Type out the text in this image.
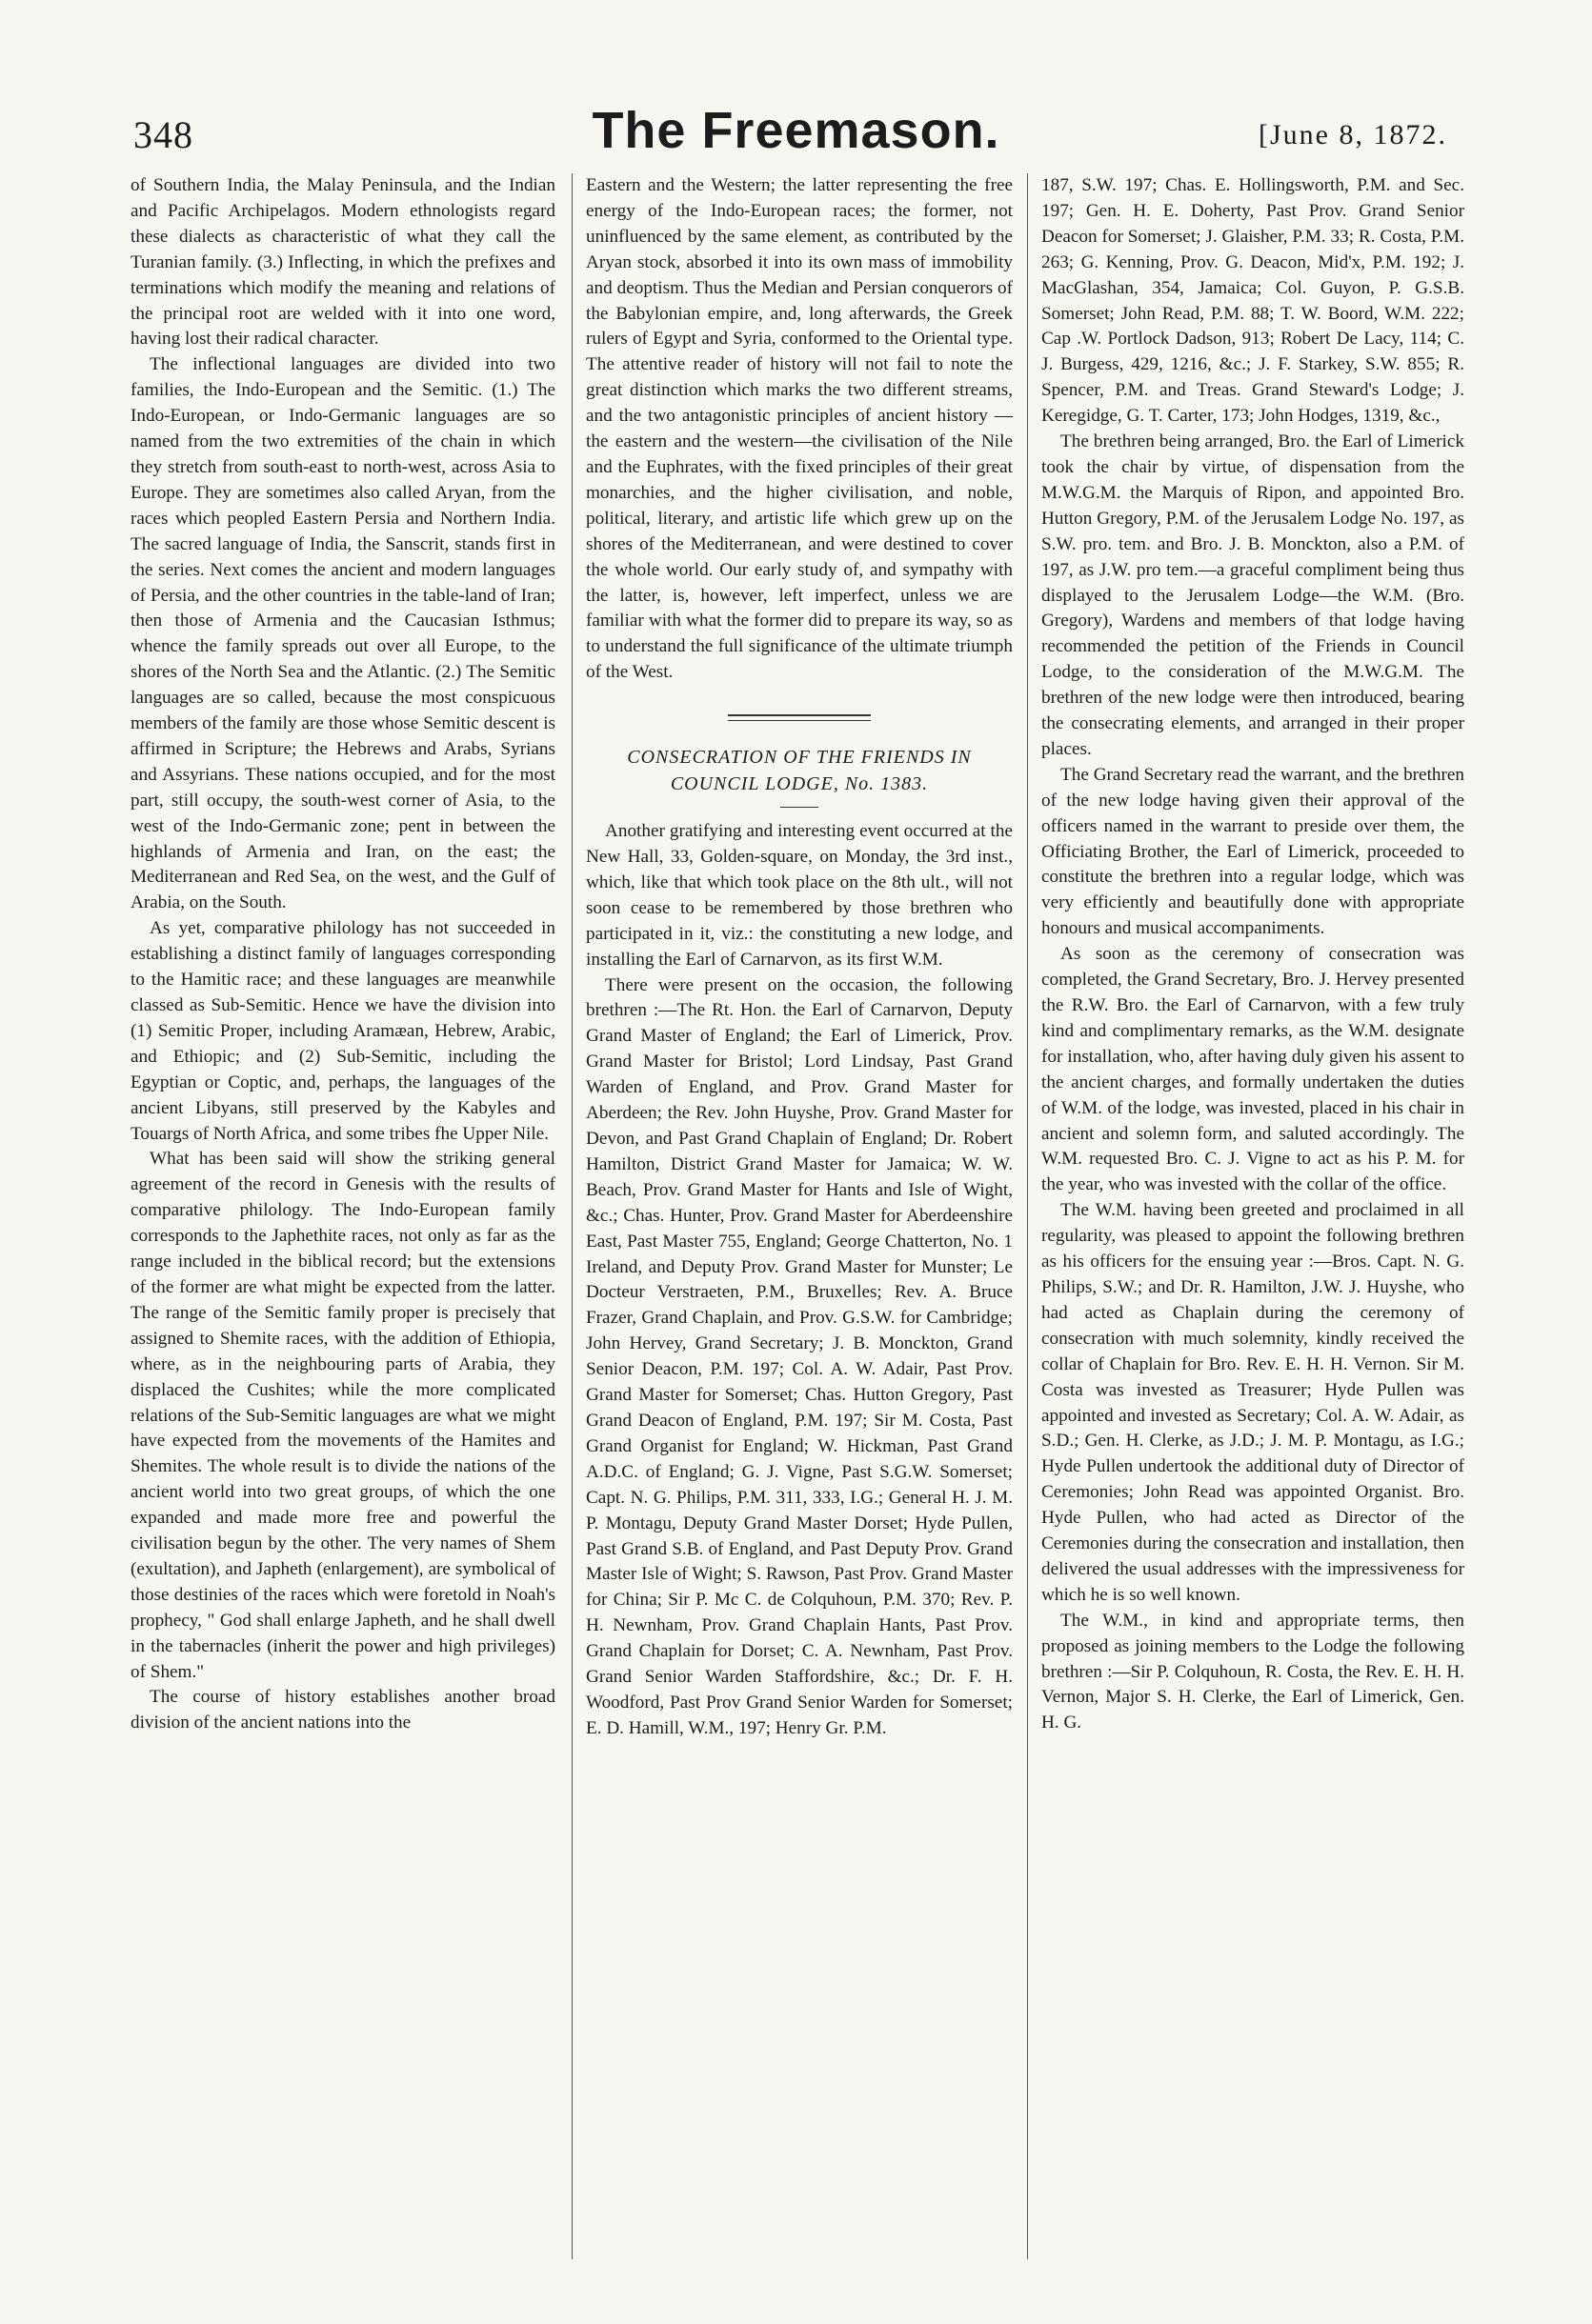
348	The Freemason.	[June 8, 1872.

of Southern India, the Malay Peninsula, and the Indian and Pacific Archipelagos. Modern ethnologists regard these dialects as characteristic of what they call the Turanian family. (3.) Inflecting, in which the prefixes and terminations which modify the meaning and relations of the principal root are welded with it into one word, having lost their radical character.

The inflectional languages are divided into two families, the Indo-European and the Semitic. (1.) The Indo-European, or Indo-Germanic languages are so named from the two extremities of the chain in which they stretch from south-east to north-west, across Asia to Europe. They are sometimes also called Aryan, from the races which peopled Eastern Persia and Northern India. The sacred language of India, the Sanscrit, stands first in the series. Next comes the ancient and modern languages of Persia, and the other countries in the table-land of Iran; then those of Armenia and the Caucasian Isthmus; whence the family spreads out over all Europe, to the shores of the North Sea and the Atlantic. (2.) The Semitic languages are so called, because the most conspicuous members of the family are those whose Semitic descent is affirmed in Scripture; the Hebrews and Arabs, Syrians and Assyrians. These nations occupied, and for the most part, still occupy, the south-west corner of Asia, to the west of the Indo-Germanic zone; pent in between the highlands of Armenia and Iran, on the east; the Mediterranean and Red Sea, on the west, and the Gulf of Arabia, on the South.

As yet, comparative philology has not succeeded in establishing a distinct family of languages corresponding to the Hamitic race; and these languages are meanwhile classed as Sub-Semitic. Hence we have the division into (1) Semitic Proper, including Aramæan, Hebrew, Arabic, and Ethiopic; and (2) Sub-Semitic, including the Egyptian or Coptic, and, perhaps, the languages of the ancient Libyans, still preserved by the Kabyles and Touargs of North Africa, and some tribes fhe Upper Nile.

What has been said will show the striking general agreement of the record in Genesis with the results of comparative philology. The Indo-European family corresponds to the Japhethite races, not only as far as the range included in the biblical record; but the extensions of the former are what might be expected from the latter. The range of the Semitic family proper is precisely that assigned to Shemite races, with the addition of Ethiopia, where, as in the neighbouring parts of Arabia, they displaced the Cushites; while the more complicated relations of the Sub-Semitic languages are what we might have expected from the movements of the Hamites and Shemites. The whole result is to divide the nations of the ancient world into two great groups, of which the one expanded and made more free and powerful the civilisation begun by the other. The very names of Shem (exultation), and Japheth (enlargement), are symbolical of those destinies of the races which were foretold in Noah's prophecy, " God shall enlarge Japheth, and he shall dwell in the tabernacles (inherit the power and high privileges) of Shem."

The course of history establishes another broad division of the ancient nations into the

Eastern and the Western; the latter representing the free energy of the Indo-European races; the former, not uninfluenced by the same element, as contributed by the Aryan stock, absorbed it into its own mass of immobility and deoptism. Thus the Median and Persian conquerors of the Babylonian empire, and, long afterwards, the Greek rulers of Egypt and Syria, conformed to the Oriental type. The attentive reader of history will not fail to note the great distinction which marks the two different streams, and the two antagonistic principles of ancient history — the eastern and the western—the civilisation of the Nile and the Euphrates, with the fixed principles of their great monarchies, and the higher civilisation, and noble, political, literary, and artistic life which grew up on the shores of the Mediterranean, and were destined to cover the whole world. Our early study of, and sympathy with the latter, is, however, left imperfect, unless we are familiar with what the former did to prepare its way, so as to understand the full significance of the ultimate triumph of the West.

CONSECRATION OF THE FRIENDS IN COUNCIL LODGE, No. 1383.

Another gratifying and interesting event occurred at the New Hall, 33, Golden-square, on Monday, the 3rd inst., which, like that which took place on the 8th ult., will not soon cease to be remembered by those brethren who participated in it, viz.: the constituting a new lodge, and installing the Earl of Carnarvon, as its first W.M.

There were present on the occasion, the following brethren :—The Rt. Hon. the Earl of Carnarvon, Deputy Grand Master of England; the Earl of Limerick, Prov. Grand Master for Bristol; Lord Lindsay, Past Grand Warden of England, and Prov. Grand Master for Aberdeen; the Rev. John Huyshe, Prov. Grand Master for Devon, and Past Grand Chaplain of England; Dr. Robert Hamilton, District Grand Master for Jamaica; W. W. Beach, Prov. Grand Master for Hants and Isle of Wight, &c.; Chas. Hunter, Prov. Grand Master for Aberdeenshire East, Past Master 755, England; George Chatterton, No. 1 Ireland, and Deputy Prov. Grand Master for Munster; Le Docteur Verstraeten, P.M., Bruxelles; Rev. A. Bruce Frazer, Grand Chaplain, and Prov. G.S.W. for Cambridge; John Hervey, Grand Secretary; J. B. Monckton, Grand Senior Deacon, P.M. 197; Col. A. W. Adair, Past Prov. Grand Master for Somerset; Chas. Hutton Gregory, Past Grand Deacon of England, P.M. 197; Sir M. Costa, Past Grand Organist for England; W. Hickman, Past Grand A.D.C. of England; G. J. Vigne, Past S.G.W. Somerset; Capt. N. G. Philips, P.M. 311, 333, I.G.; General H. J. M. P. Montagu, Deputy Grand Master Dorset; Hyde Pullen, Past Grand S.B. of England, and Past Deputy Prov. Grand Master Isle of Wight; S. Rawson, Past Prov. Grand Master for China; Sir P. Mc C. de Colquhoun, P.M. 370; Rev. P. H. Newnham, Prov. Grand Chaplain Hants, Past Prov. Grand Chaplain for Dorset; C. A. Newnham, Past Prov. Grand Senior Warden Staffordshire, &c.; Dr. F. H. Woodford, Past Prov Grand Senior Warden for Somerset; E. D. Hamill, W.M., 197; Henry Gr. P.M.

187, S.W. 197; Chas. E. Hollingsworth, P.M. and Sec. 197; Gen. H. E. Doherty, Past Prov. Grand Senior Deacon for Somerset; J. Glaisher, P.M. 33; R. Costa, P.M. 263; G. Kenning, Prov. G. Deacon, Mid'x, P.M. 192; J. MacGlashan, 354, Jamaica; Col. Guyon, P. G.S.B. Somerset; John Read, P.M. 88; T. W. Boord, W.M. 222; Cap .W. Portlock Dadson, 913; Robert De Lacy, 114; C. J. Burgess, 429, 1216, &c.; J. F. Starkey, S.W. 855; R. Spencer, P.M. and Treas. Grand Steward's Lodge; J. Keregidge, G. T. Carter, 173; John Hodges, 1319, &c.,

The brethren being arranged, Bro. the Earl of Limerick took the chair by virtue, of dispensation from the M.W.G.M. the Marquis of Ripon, and appointed Bro. Hutton Gregory, P.M. of the Jerusalem Lodge No. 197, as S.W. pro. tem. and Bro. J. B. Monckton, also a P.M. of 197, as J.W. pro tem.—a graceful compliment being thus displayed to the Jerusalem Lodge—the W.M. (Bro. Gregory), Wardens and members of that lodge having recommended the petition of the Friends in Council Lodge, to the consideration of the M.W.G.M. The brethren of the new lodge were then introduced, bearing the consecrating elements, and arranged in their proper places.

The Grand Secretary read the warrant, and the brethren of the new lodge having given their approval of the officers named in the warrant to preside over them, the Officiating Brother, the Earl of Limerick, proceeded to constitute the brethren into a regular lodge, which was very efficiently and beautifully done with appropriate honours and musical accompaniments.

As soon as the ceremony of consecration was completed, the Grand Secretary, Bro. J. Hervey presented the R.W. Bro. the Earl of Carnarvon, with a few truly kind and complimentary remarks, as the W.M. designate for installation, who, after having duly given his assent to the ancient charges, and formally undertaken the duties of W.M. of the lodge, was invested, placed in his chair in ancient and solemn form, and saluted accordingly. The W.M. requested Bro. C. J. Vigne to act as his P. M. for the year, who was invested with the collar of the office.

The W.M. having been greeted and proclaimed in all regularity, was pleased to appoint the following brethren as his officers for the ensuing year :—Bros. Capt. N. G. Philips, S.W.; and Dr. R. Hamilton, J.W. J. Huyshe, who had acted as Chaplain during the ceremony of consecration with much solemnity, kindly received the collar of Chaplain for Bro. Rev. E. H. H. Vernon. Sir M. Costa was invested as Treasurer; Hyde Pullen was appointed and invested as Secretary; Col. A. W. Adair, as S.D.; Gen. H. Clerke, as J.D.; J. M. P. Montagu, as I.G.; Hyde Pullen undertook the additional duty of Director of Ceremonies; John Read was appointed Organist. Bro. Hyde Pullen, who had acted as Director of the Ceremonies during the consecration and installation, then delivered the usual addresses with the impressiveness for which he is so well known.

The W.M., in kind and appropriate terms, then proposed as joining members to the Lodge the following brethren :—Sir P. Colquhoun, R. Costa, the Rev. E. H. H. Vernon, Major S. H. Clerke, the Earl of Limerick, Gen. H. G.
